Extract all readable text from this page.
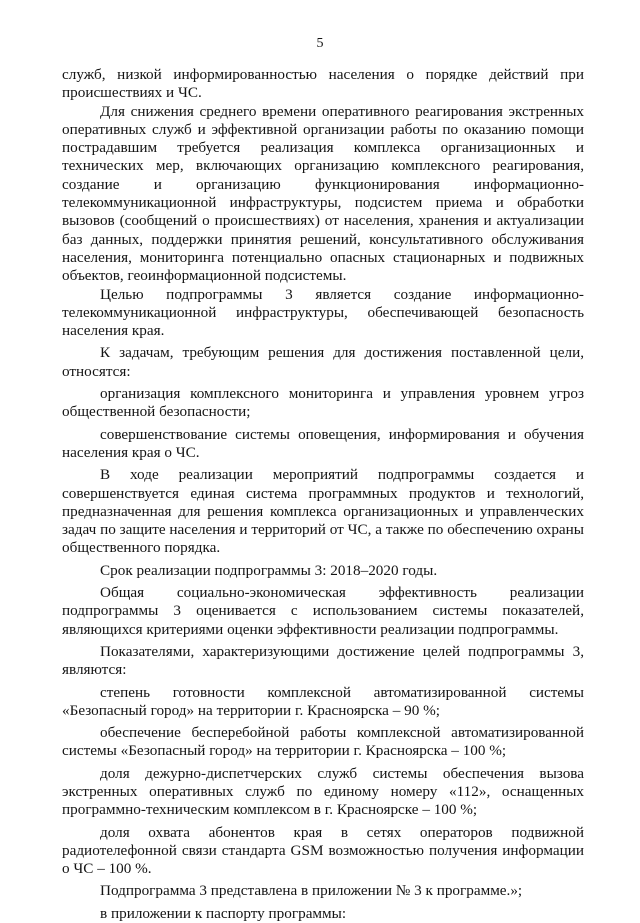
5

служб, низкой информированностью населения о порядке действий при происшествиях и ЧС.

Для снижения среднего времени оперативного реагирования экстренных оперативных служб и эффективной организации работы по оказанию помощи пострадавшим требуется реализация комплекса организационных и технических мер, включающих организацию комплексного реагирования, создание и организацию функционирования информационно-телекоммуникационной инфраструктуры, подсистем приема и обработки вызовов (сообщений о происшествиях) от населения, хранения и актуализации баз данных, поддержки принятия решений, консультативного обслуживания населения, мониторинга потенциально опасных стационарных и подвижных объектов, геоинформационной подсистемы.

Целью подпрограммы 3 является создание информационно-телекоммуникационной инфраструктуры, обеспечивающей безопасность населения края.

К задачам, требующим решения для достижения поставленной цели, относятся:

организация комплексного мониторинга и управления уровнем угроз общественной безопасности;

совершенствование системы оповещения, информирования и обучения населения края о ЧС.

В ходе реализации мероприятий подпрограммы создается и совершенствуется единая система программных продуктов и технологий, предназначенная для решения комплекса организационных и управленческих задач по защите населения и территорий от ЧС, а также по обеспечению охраны общественного порядка.

Срок реализации подпрограммы 3: 2018–2020 годы.

Общая социально-экономическая эффективность реализации подпрограммы 3 оценивается с использованием системы показателей, являющихся критериями оценки эффективности реализации подпрограммы.

Показателями, характеризующими достижение целей подпрограммы 3, являются:

степень готовности комплексной автоматизированной системы «Безопасный город» на территории г. Красноярска – 90 %;

обеспечение бесперебойной работы комплексной автоматизированной системы «Безопасный город» на территории г. Красноярска – 100 %;

доля дежурно-диспетчерских служб системы обеспечения вызова экстренных оперативных служб по единому номеру «112», оснащенных программно-техническим комплексом в г. Красноярске – 100 %;

доля охвата абонентов края в сетях операторов подвижной радиотелефонной связи стандарта GSM возможностью получения информации о ЧС – 100 %.

Подпрограмма 3 представлена в приложении № 3 к программе.»;

в приложении к паспорту программы:
